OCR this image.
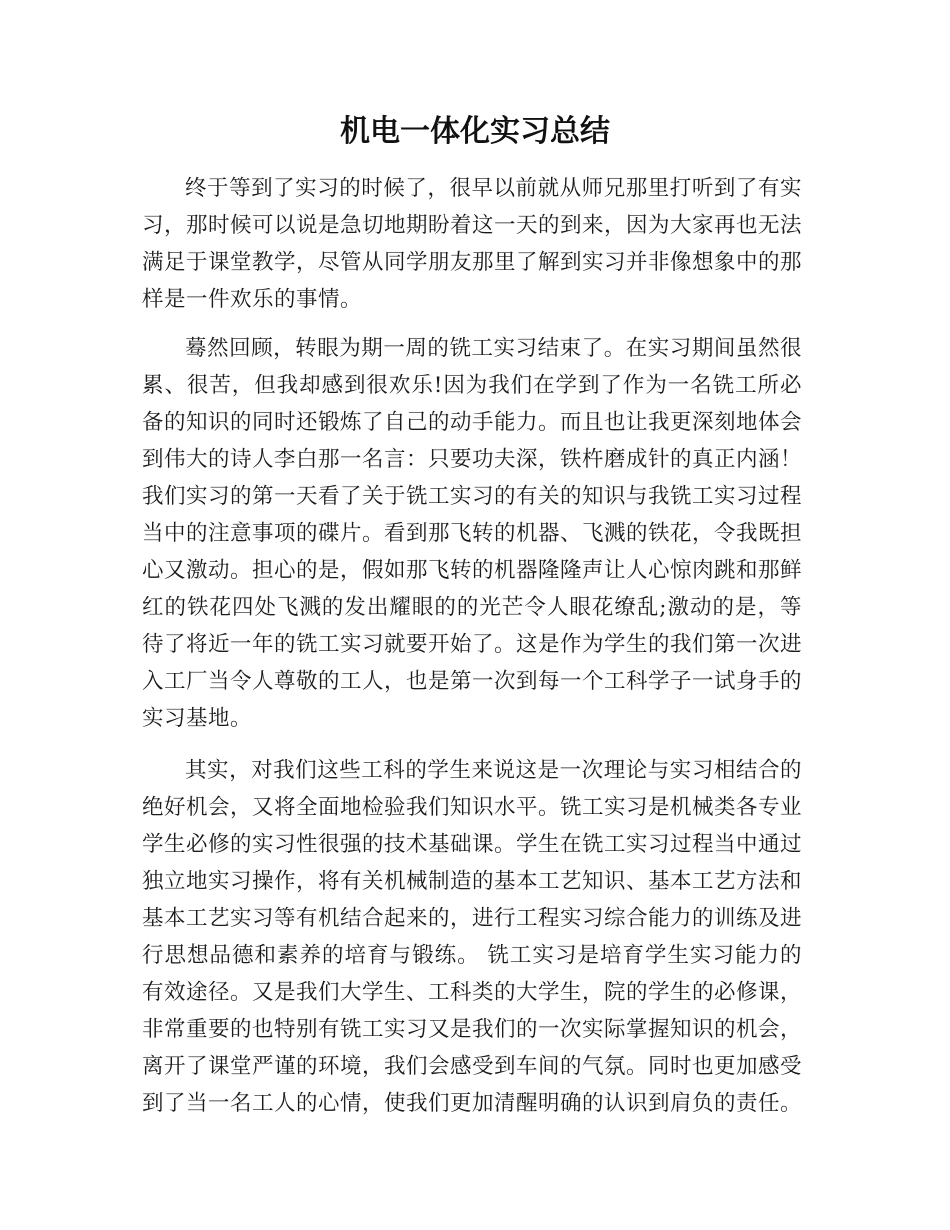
机电一体化实习总结

终于等到了实习的时候了，很早以前就从师兄那里打听到了有实习，那时候可以说是急切地期盼着这一天的到来，因为大家再也无法满足于课堂教学，尽管从同学朋友那里了解到实习并非像想象中的那样是一件欢乐的事情。

蓦然回顾，转眼为期一周的铣工实习结束了。在实习期间虽然很累、很苦，但我却感到很欢乐!因为我们在学到了作为一名铣工所必备的知识的同时还锻炼了自己的动手能力。而且也让我更深刻地体会到伟大的诗人李白那一名言：只要功夫深，铁杵磨成针的真正内涵！我们实习的第一天看了关于铣工实习的有关的知识与我铣工实习过程当中的注意事项的碟片。看到那飞转的机器、飞溅的铁花，令我既担心又激动。担心的是，假如那飞转的机器隆隆声让人心惊肉跳和那鲜红的铁花四处飞溅的发出耀眼的的光芒令人眼花缭乱;激动的是，等待了将近一年的铣工实习就要开始了。这是作为学生的我们第一次进入工厂当令人尊敬的工人，也是第一次到每一个工科学子一试身手的实习基地。

其实，对我们这些工科的学生来说这是一次理论与实习相结合的绝好机会，又将全面地检验我们知识水平。铣工实习是机械类各专业学生必修的实习性很强的技术基础课。学生在铣工实习过程当中通过独立地实习操作，将有关机械制造的基本工艺知识、基本工艺方法和基本工艺实习等有机结合起来的，进行工程实习综合能力的训练及进行思想品德和素养的培育与锻练。 铣工实习是培育学生实习能力的有效途径。又是我们大学生、工科类的大学生，院的学生的必修课，非常重要的也特别有铣工实习又是我们的一次实际掌握知识的机会，离开了课堂严谨的环境，我们会感受到车间的气氛。同时也更加感受到了当一名工人的心情，使我们更加清醒明确的认识到肩负的责任。
